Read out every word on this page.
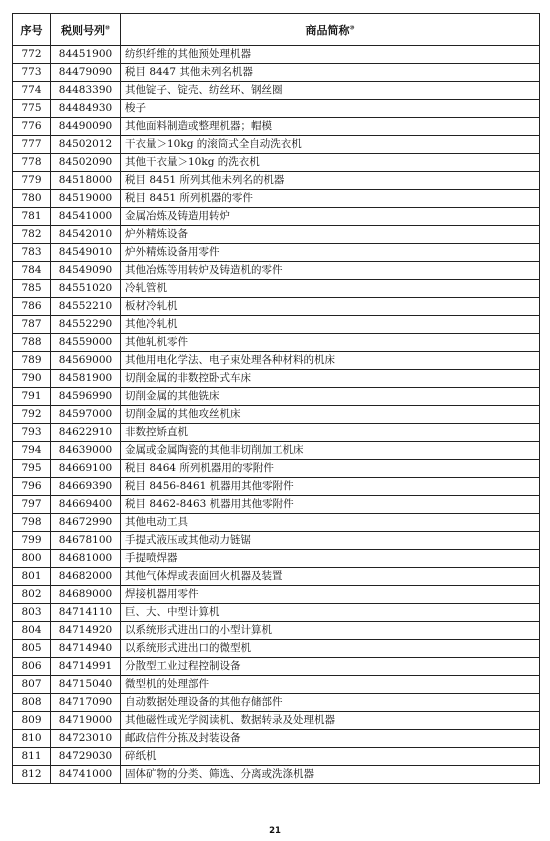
序号	税则号列⑩	商品简称⑩
772	84451900	纺织纤维的其他预处理机器
773	84479090	税目 8447 其他未列名机器
774	84483390	其他锭子、锭壳、纺丝环、钢丝圈
775	84484930	梭子
776	84490090	其他面料制造或整理机器；帽模
777	84502012	干衣量＞10kg 的滚筒式全自动洗衣机
778	84502090	其他干衣量＞10kg 的洗衣机
779	84518000	税目 8451 所列其他未列名的机器
780	84519000	税目 8451 所列机器的零件
781	84541000	金属冶炼及铸造用转炉
782	84542010	炉外精炼设备
783	84549010	炉外精炼设备用零件
784	84549090	其他冶炼等用转炉及铸造机的零件
785	84551020	冷轧管机
786	84552210	板材冷轧机
787	84552290	其他冷轧机
788	84559000	其他轧机零件
789	84569000	其他用电化学法、电子束处理各种材料的机床
790	84581900	切削金属的非数控卧式车床
791	84596990	切削金属的其他铣床
792	84597000	切削金属的其他攻丝机床
793	84622910	非数控矫直机
794	84639000	金属或金属陶瓷的其他非切削加工机床
795	84669100	税目 8464 所列机器用的零附件
796	84669390	税目 8456-8461 机器用其他零附件
797	84669400	税目 8462-8463 机器用其他零附件
798	84672990	其他电动工具
799	84678100	手提式液压或其他动力链锯
800	84681000	手提喷焊器
801	84682000	其他气体焊或表面回火机器及装置
802	84689000	焊接机器用零件
803	84714110	巨、大、中型计算机
804	84714920	以系统形式进出口的小型计算机
805	84714940	以系统形式进出口的微型机
806	84714991	分散型工业过程控制设备
807	84715040	微型机的处理部件
808	84717090	自动数据处理设备的其他存储部件
809	84719000	其他磁性或光学阅读机、数据转录及处理机器
810	84723010	邮政信件分拣及封装设备
811	84729030	碎纸机
812	84741000	固体矿物的分类、筛选、分离或洗涤机器
21
